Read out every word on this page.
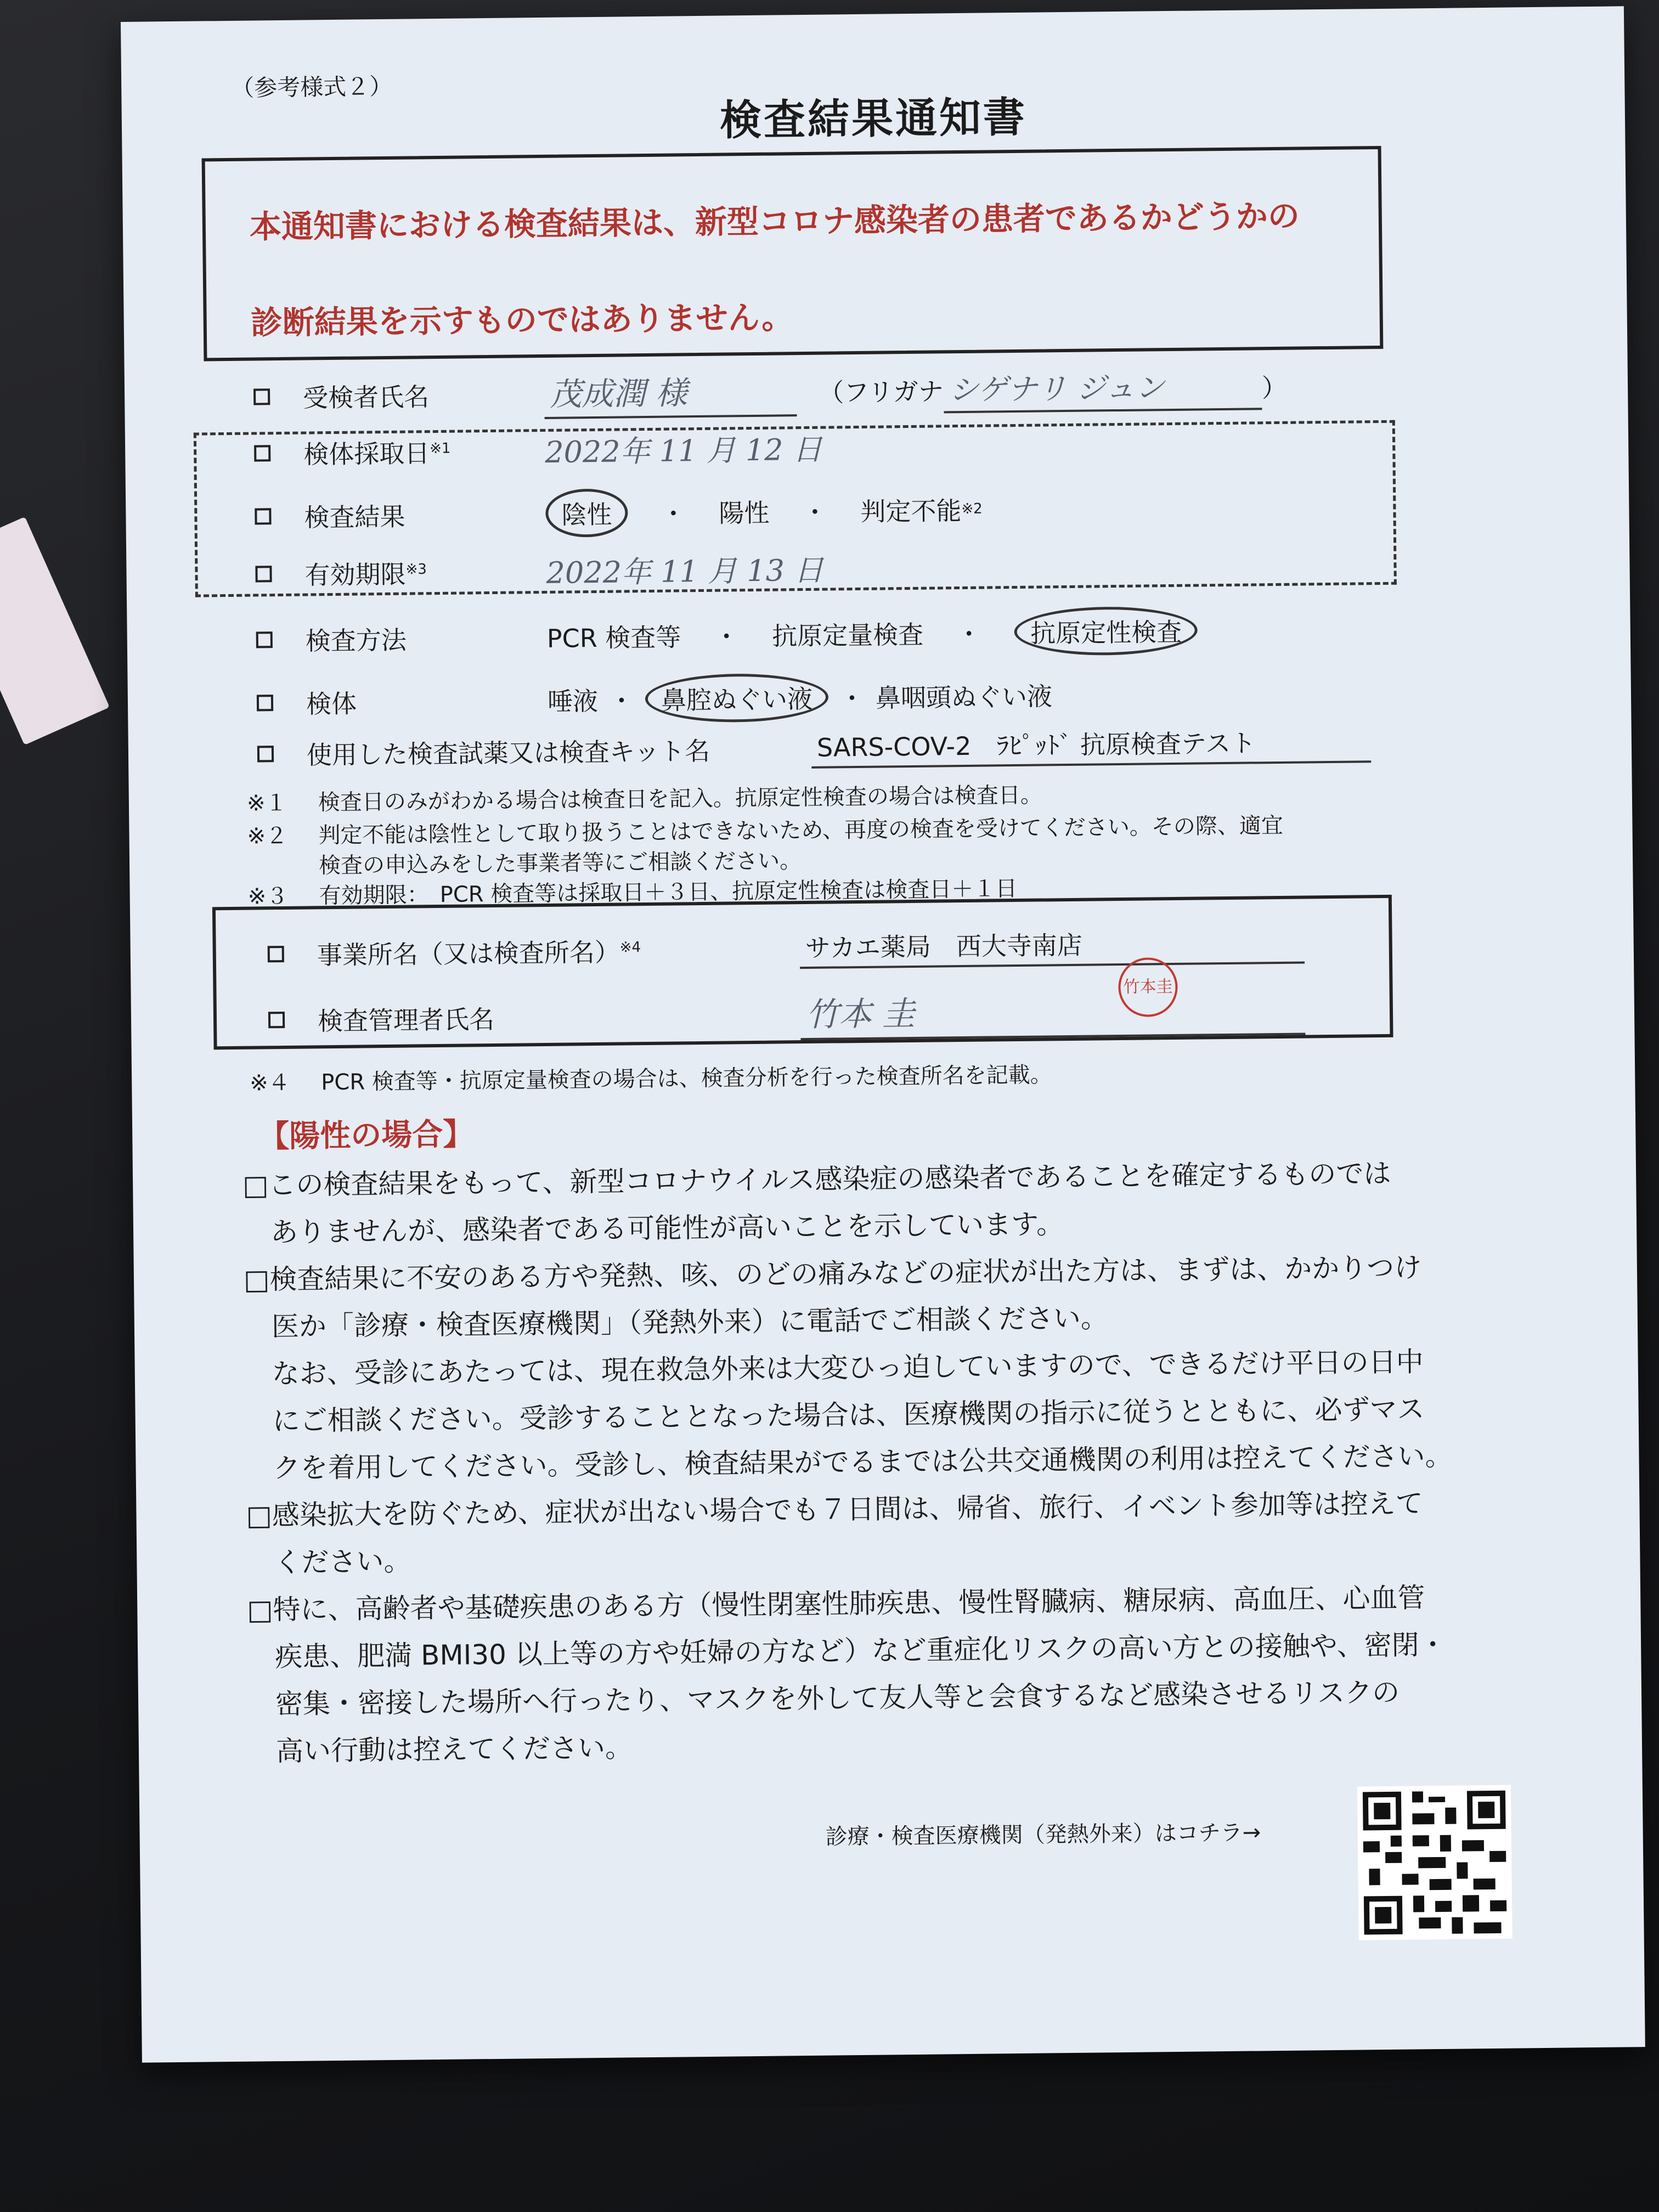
（参考様式２）
検査結果通知書
本通知書における検査結果は、新型コロナ感染者の患者であるかどうかの
診断結果を示すものではありません。
受検者氏名	茂成潤 様	（フリガナ シゲナリ ジュン	）
検体採取日$^{※1}$	2022年 11 月 12 日
検査結果	陰性	・ 陽性 ・ 判定不能 ※2
有効期限$^{※3}$	2022年 11 月 13 日
検査方法	PCR 検査等 ・ 抗原定量検査 ・	抗原定性検査
検体	唾液 ・	鼻腔ぬぐい液	・ 鼻咽頭ぬぐい液
使用した検査試薬又は検査キット名	SARS-COV-2　ﾗﾋﾟｯﾄﾞ 抗原検査テスト
※１ 検査日のみがわかる場合は検査日を記入。抗原定性検査の場合は検査日。
※２ 判定不能は陰性として取り扱うことはできないため、再度の検査を受けてください。その際、適宜
検査の申込みをした事業者等にご相談ください。
※３ 有効期限：　PCR 検査等は採取日＋３日、抗原定性検査は検査日＋１日
事業所名（又は検査所名）$^{※4}$	サカエ薬局　西大寺南店
検査管理者氏名	竹本 圭
竹本圭
※４ PCR 検査等・抗原定量検査の場合は、検査分析を行った検査所名を記載。
【陽性の場合】

□この検査結果をもって、新型コロナウイルス感染症の感染者であることを確定するものでは

ありませんが、感染者である可能性が高いことを示しています。

□検査結果に不安のある方や発熱、咳、のどの痛みなどの症状が出た方は、まずは、かかりつけ

医か「診療・検査医療機関」（発熱外来）に電話でご相談ください。

なお、受診にあたっては、現在救急外来は大変ひっ迫していますので、できるだけ平日の日中

にご相談ください。受診することとなった場合は、医療機関の指示に従うとともに、必ずマス

クを着用してください。受診し、検査結果がでるまでは公共交通機関の利用は控えてください。

□感染拡大を防ぐため、症状が出ない場合でも７日間は、帰省、旅行、イベント参加等は控えて

ください。

□特に、高齢者や基礎疾患のある方（慢性閉塞性肺疾患、慢性腎臓病、糖尿病、高血圧、心血管

疾患、肥満 BMI30 以上等の方や妊婦の方など）など重症化リスクの高い方との接触や、密閉・

密集・密接した場所へ行ったり、マスクを外して友人等と会食するなど感染させるリスクの

高い行動は控えてください。

診療・検査医療機関（発熱外来）はコチラ→
